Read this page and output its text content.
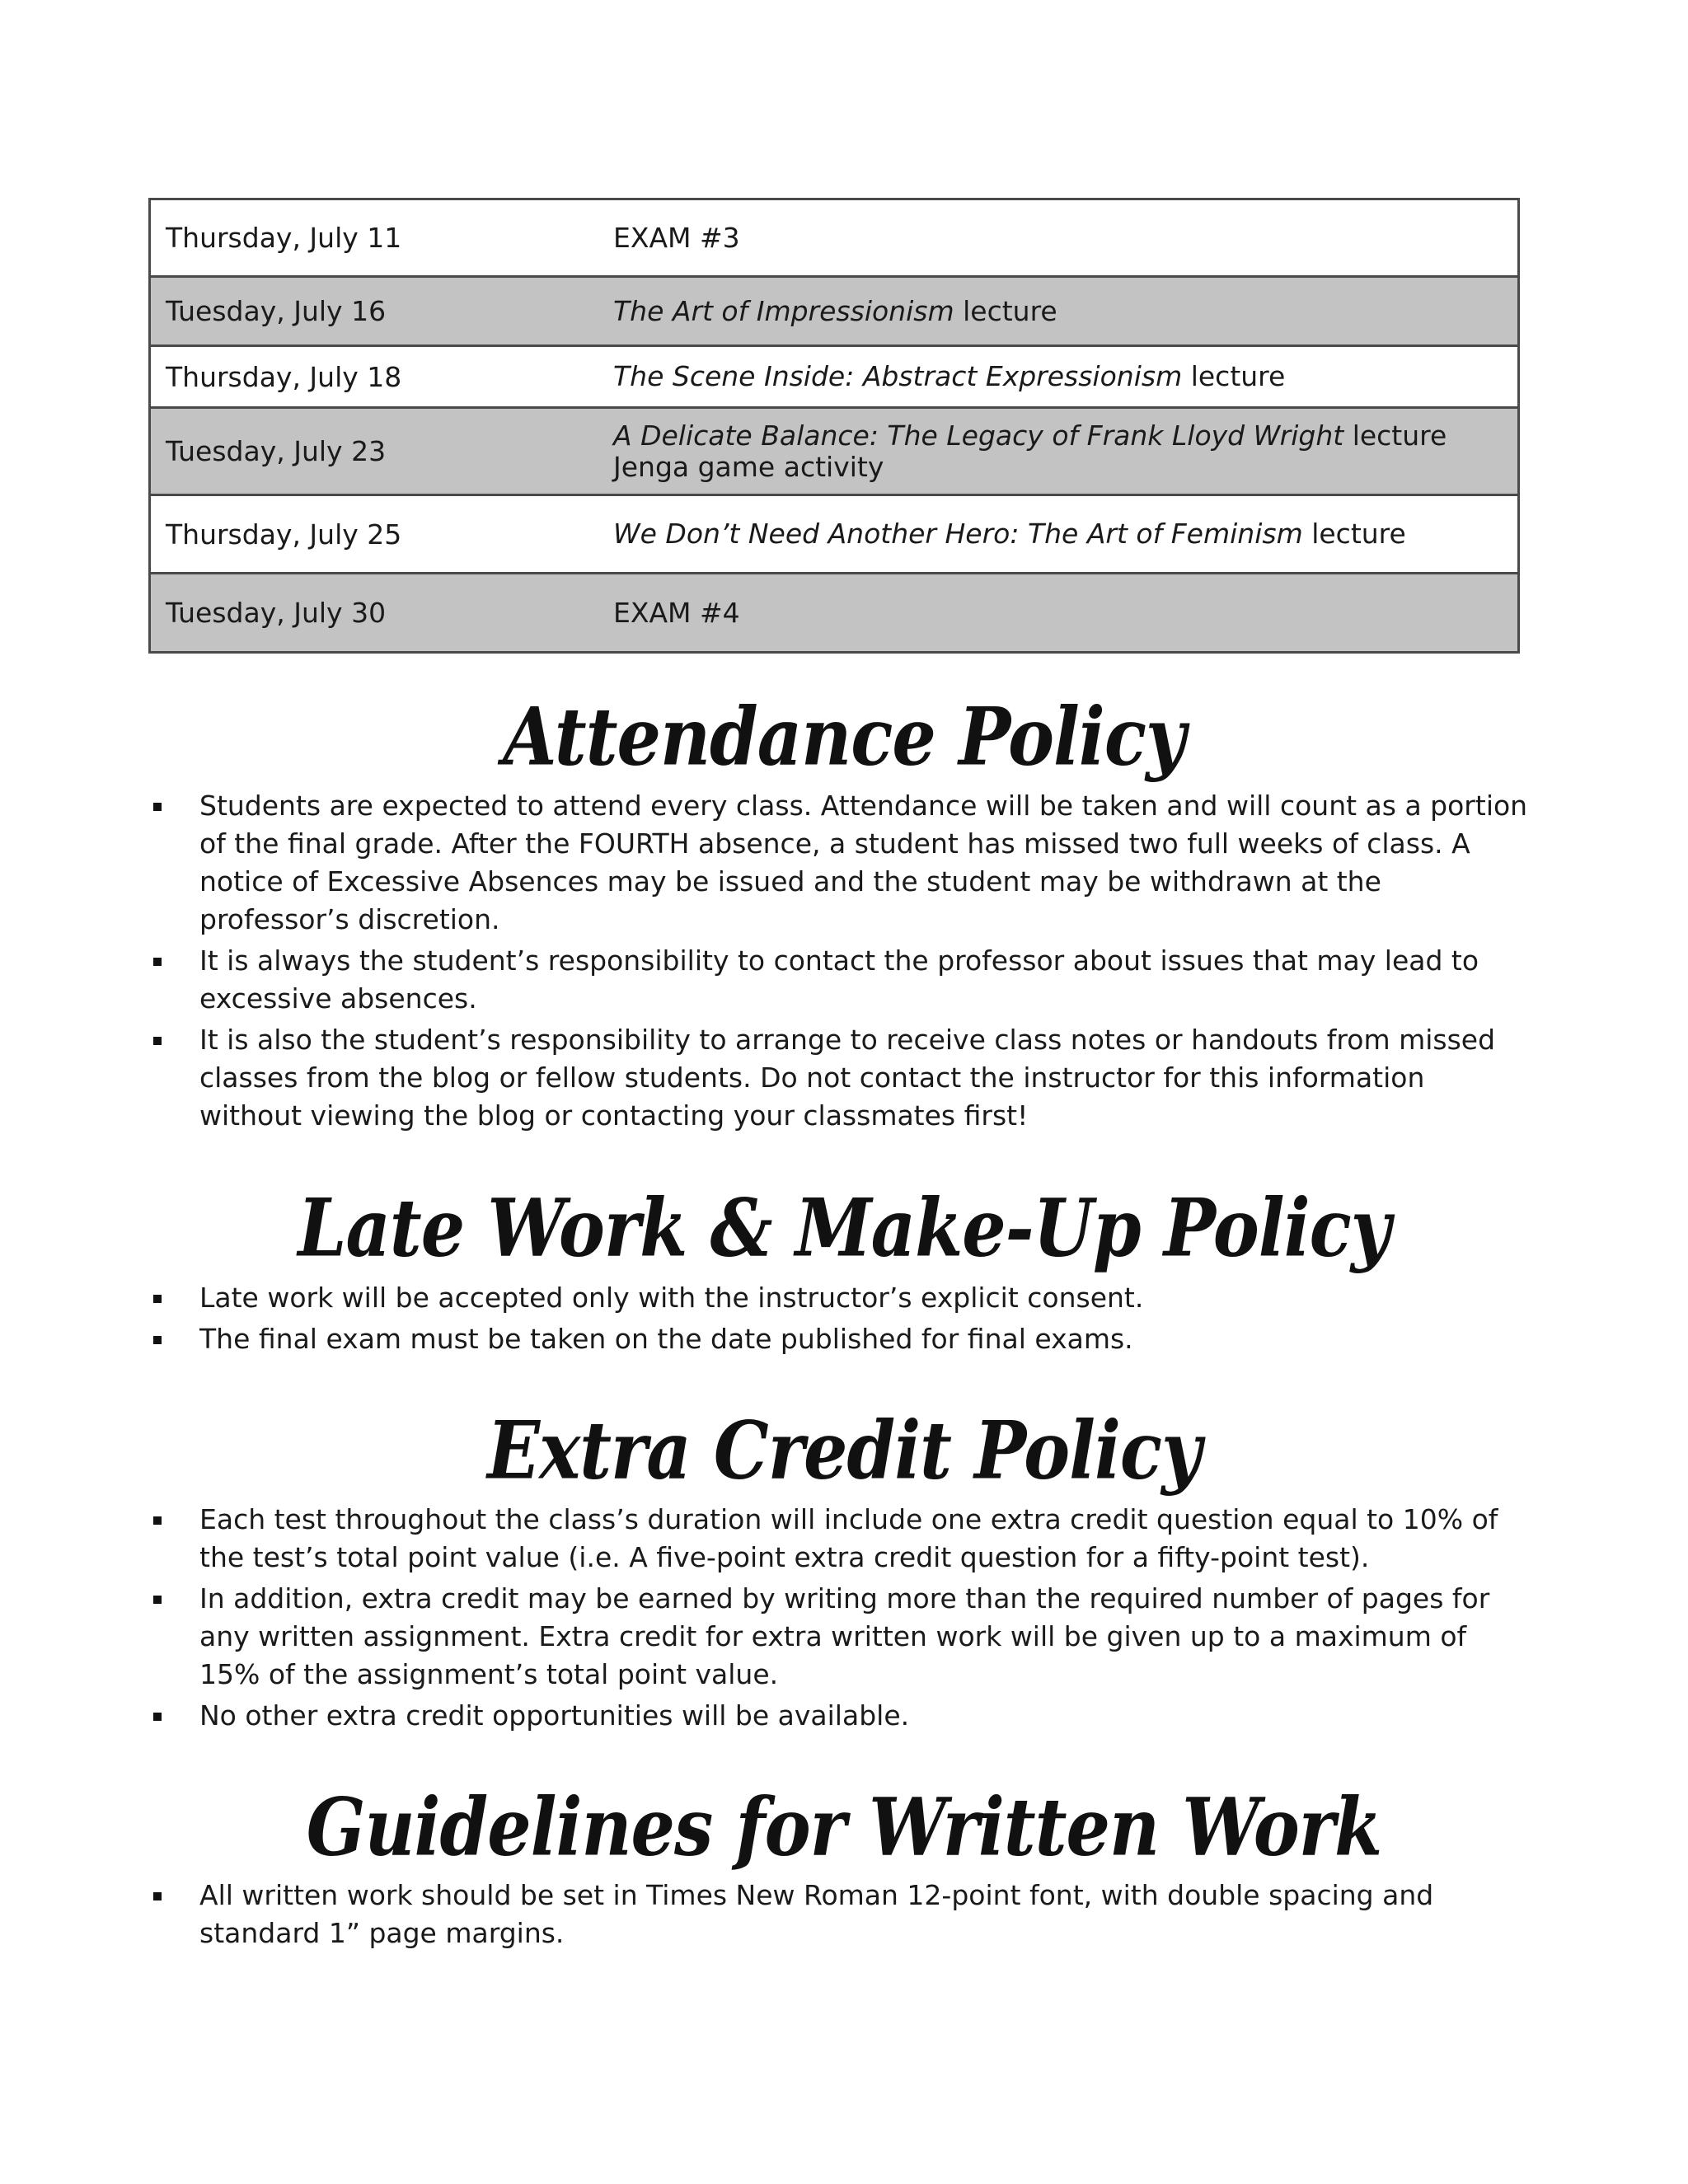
Thursday, July 11	EXAM #3
Tuesday, July 16	The Art of Impressionism lecture
Thursday, July 18	The Scene Inside: Abstract Expressionism lecture
Tuesday, July 23	A Delicate Balance: The Legacy of Frank Lloyd Wright lecture
Jenga game activity
Thursday, July 25	We Don’t Need Another Hero: The Art of Feminism lecture
Tuesday, July 30	EXAM #4
Attendance Policy
Students are expected to attend every class. Attendance will be taken and will count as a portion of the final grade. After the FOURTH absence, a student has missed two full weeks of class. A notice of Excessive Absences may be issued and the student may be withdrawn at the professor’s discretion.
It is always the student’s responsibility to contact the professor about issues that may lead to excessive absences.
It is also the student’s responsibility to arrange to receive class notes or handouts from missed classes from the blog or fellow students. Do not contact the instructor for this information without viewing the blog or contacting your classmates first!
Late Work & Make-Up Policy
Late work will be accepted only with the instructor’s explicit consent.
The final exam must be taken on the date published for final exams.
Extra Credit Policy
Each test throughout the class’s duration will include one extra credit question equal to 10% of the test’s total point value (i.e. A five-point extra credit question for a fifty-point test).
In addition, extra credit may be earned by writing more than the required number of pages for any written assignment. Extra credit for extra written work will be given up to a maximum of 15% of the assignment’s total point value.
No other extra credit opportunities will be available.
Guidelines for Written Work
All written work should be set in Times New Roman 12-point font, with double spacing and standard 1” page margins.
